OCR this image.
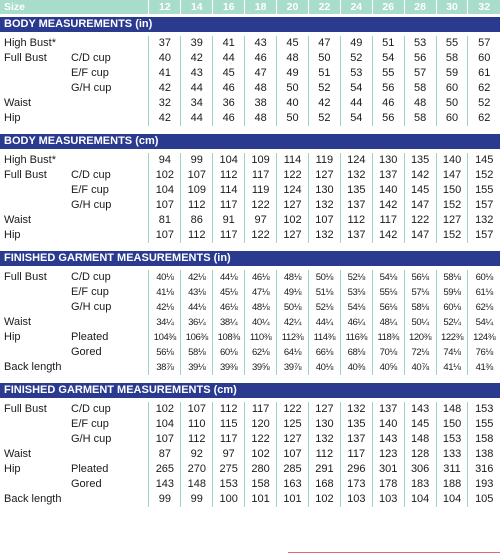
Size	12	14	16	18	20	22	24	26	28	30	32
BODY MEASUREMENTS (in)
High Bust*	37	39	41	43	45	47	49	51	53	55	57

Full Bust C/D cup	40	42	44	46	48	50	52	54	56	58	60

E/F cup	41	43	45	47	49	51	53	55	57	59	61

G/H cup	42	44	46	48	50	52	54	56	58	60	62

Waist	32	34	36	38	40	42	44	46	48	50	52

Hip	42	44	46	48	50	52	54	56	58	60	62
BODY MEASUREMENTS (cm)
High Bust*	94	99	104	109	114	119	124	130	135	140	145

Full Bust C/D cup	102	107	112	117	122	127	132	137	142	147	152

E/F cup	104	109	114	119	124	130	135	140	145	150	155

G/H cup	107	112	117	122	127	132	137	142	147	152	157

Waist	81	86	91	97	102	107	112	117	122	127	132

Hip	107	112	117	122	127	132	137	142	147	152	157
FINISHED GARMENT MEASUREMENTS (in)
Full Bust C/D cup	40⅛	42⅛	44⅛	46⅛	48⅛	50⅛	52⅛	54⅛	56⅛	58⅛	60⅛

E/F cup	41⅛	43⅛	45⅛	47⅛	49⅛	51⅛	53⅛	55⅛	57⅛	59⅛	61⅛

G/H cup	42⅛	44⅛	46⅛	48⅛	50⅛	52⅛	54⅛	56⅛	58⅛	60⅛	62⅛

Waist	34¼	36¼	38¼	40¼	42¼	44¼	46¼	48¼	50¼	52¼	54¼

Hip Pleated	104⅜	106⅜	108⅜	110⅜	112⅜	114⅜	116⅜	118⅜	120⅜	122⅜	124⅜

Gored	56⅛	58⅛	60⅛	62⅛	64⅛	66⅛	68⅛	70⅛	72⅛	74⅛	76⅛

Back length	38⅞	39⅛	39⅜	39⅝	39⅞	40⅛	40⅜	40⅝	40⅞	41⅛	41⅜
FINISHED GARMENT MEASUREMENTS (cm)
Full Bust C/D cup	102	107	112	117	122	127	132	137	143	148	153

E/F cup	104	110	115	120	125	130	135	140	145	150	155

G/H cup	107	112	117	122	127	132	137	143	148	153	158

Waist	87	92	97	102	107	112	117	123	128	133	138

Hip Pleated	265	270	275	280	285	291	296	301	306	311	316

Gored	143	148	153	158	163	168	173	178	183	188	193

Back length	99	99	100	101	101	102	103	103	104	104	105
